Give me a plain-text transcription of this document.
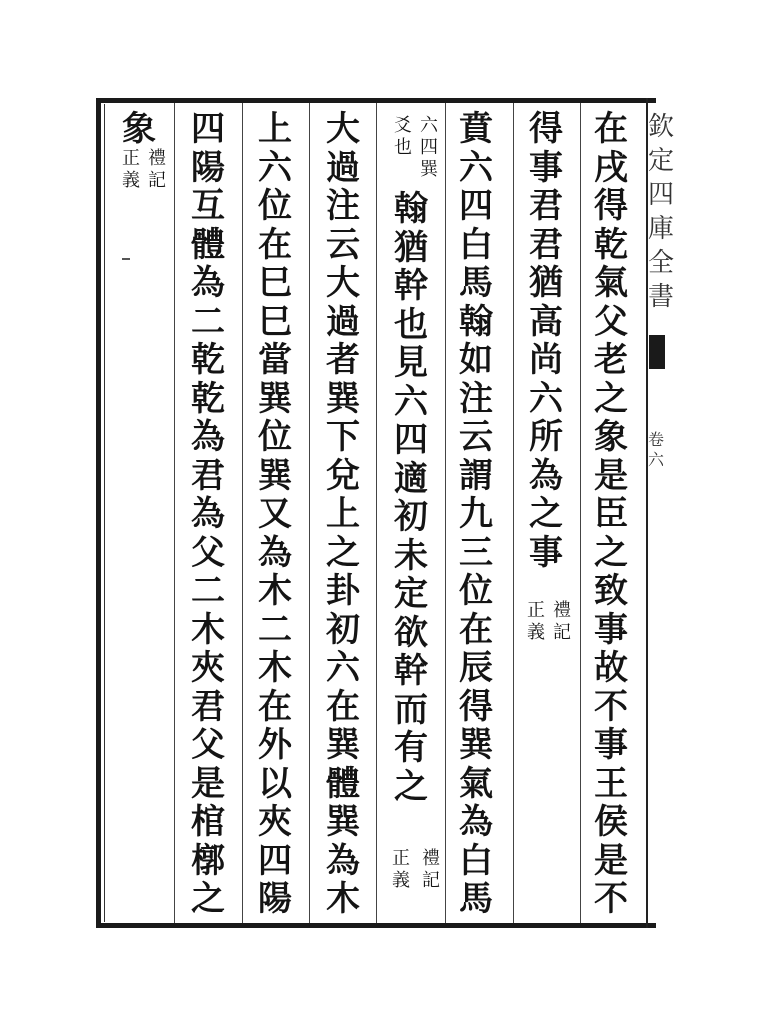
欽
定
四
庫
全
書
卷
六
在
戌
得
乾
氣
父
老
之
象
是
臣
之
致
事
故
不
事
王
侯
是
不
得
事
君
君
猶
高
尚
六
所
為
之
事
禮
記
正
義
賁
六
四
白
馬
翰
如
注
云
謂
九
三
位
在
辰
得
巽
氣
為
白
馬
禮
記
正
義
六
四
巽
爻
也
翰
猶
幹
也
見
六
四
適
初
未
定
欲
幹
而
有
之
大
過
注
云
大
過
者
巽
下
兌
上
之
卦
初
六
在
巽
體
巽
為
木
上
六
位
在
巳
巳
當
巽
位
巽
又
為
木
二
木
在
外
以
夾
四
陽
四
陽
互
體
為
二
乾
乾
為
君
為
父
二
木
夾
君
父
是
棺
槨
之
象
禮
記
正
義
